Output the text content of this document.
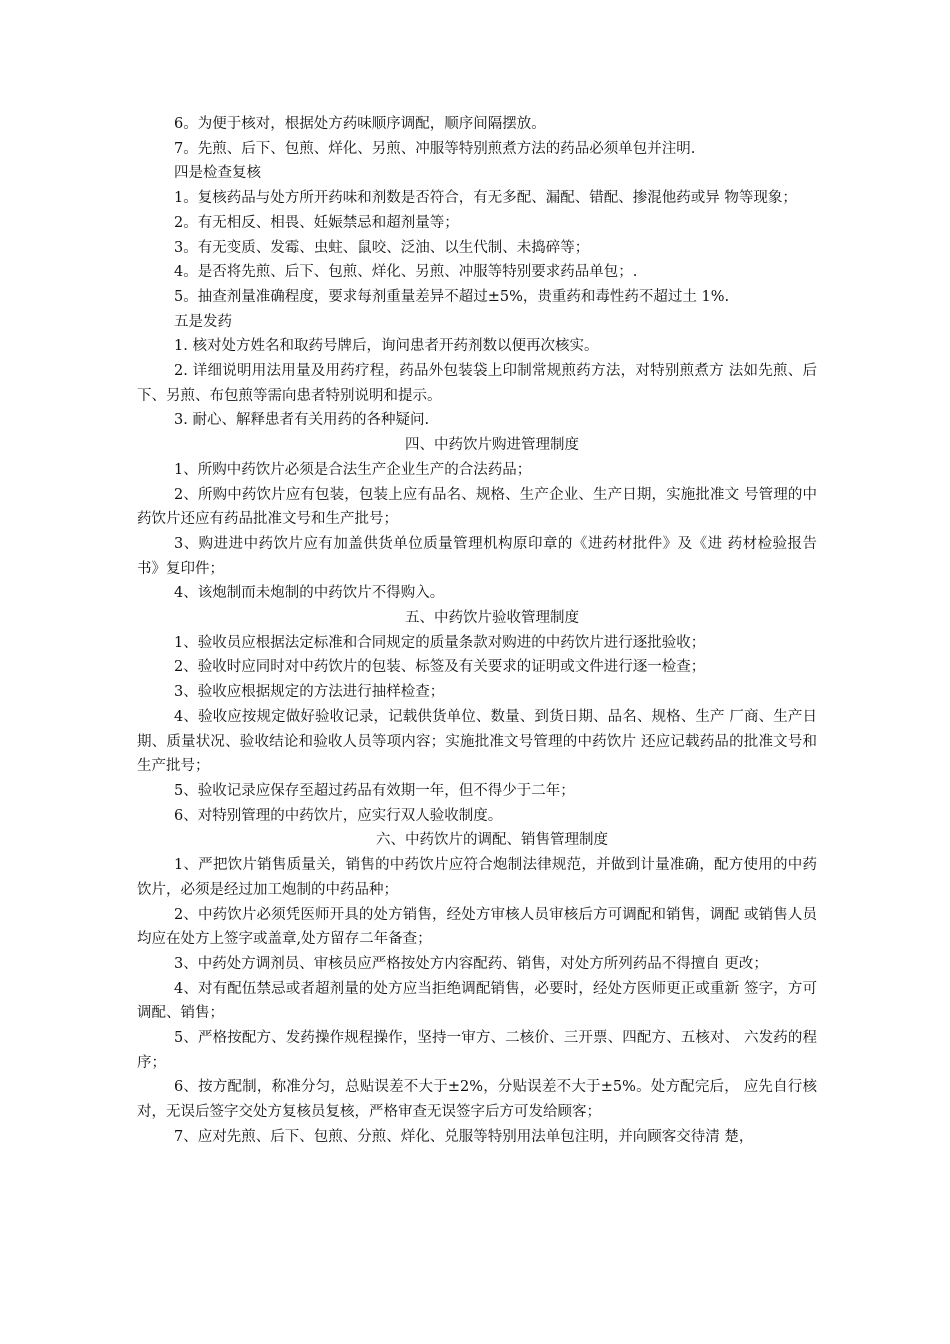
6。为便于核对，根据处方药味顺序调配，顺序间隔摆放。

7。先煎、后下、包煎、烊化、另煎、冲服等特别煎煮方法的药品必须单包并注明.

四是检查复核

1。复核药品与处方所开药味和剂数是否符合，有无多配、漏配、错配、掺混他药或异 物等现象；

2。有无相反、相畏、妊娠禁忌和超剂量等；

3。有无变质、发霉、虫蛀、鼠咬、泛油、以生代制、未捣碎等；

4。是否将先煎、后下、包煎、烊化、另煎、冲服等特别要求药品单包；.

5。抽查剂量准确程度，要求每剂重量差异不超过±5%，贵重药和毒性药不超过土 1%.

五是发药

1. 核对处方姓名和取药号牌后，询问患者开药剂数以便再次核实。

2. 详细说明用法用量及用药疗程，药品外包装袋上印制常规煎药方法，对特别煎煮方 法如先煎、后下、另煎、布包煎等需向患者特别说明和提示。

3. 耐心、解释患者有关用药的各种疑问.

四、中药饮片购进管理制度

1、所购中药饮片必须是合法生产企业生产的合法药品；

2、所购中药饮片应有包装，包装上应有品名、规格、生产企业、生产日期，实施批准文 号管理的中药饮片还应有药品批准文号和生产批号；

3、购进进中药饮片应有加盖供货单位质量管理机构原印章的《进药材批件》及《进 药材检验报告书》复印件；

4、该炮制而未炮制的中药饮片不得购入。

五、中药饮片验收管理制度

1、验收员应根据法定标准和合同规定的质量条款对购进的中药饮片进行逐批验收；

2、验收时应同时对中药饮片的包装、标签及有关要求的证明或文件进行逐一检查；

3、验收应根据规定的方法进行抽样检查；

4、验收应按规定做好验收记录，记载供货单位、数量、到货日期、品名、规格、生产 厂商、生产日期、质量状况、验收结论和验收人员等项内容；实施批准文号管理的中药饮片 还应记载药品的批准文号和生产批号；

5、验收记录应保存至超过药品有效期一年，但不得少于二年；

6、对特别管理的中药饮片，应实行双人验收制度。

六、中药饮片的调配、销售管理制度

1、严把饮片销售质量关，销售的中药饮片应符合炮制法律规范，并做到计量准确，配方使用的中药饮片，必须是经过加工炮制的中药品种；

2、中药饮片必须凭医师开具的处方销售，经处方审核人员审核后方可调配和销售，调配 或销售人员均应在处方上签字或盖章,处方留存二年备查；

3、中药处方调剂员、审核员应严格按处方内容配药、销售，对处方所列药品不得擅自 更改；

4、对有配伍禁忌或者超剂量的处方应当拒绝调配销售，必要时，经处方医师更正或重新 签字，方可调配、销售；

5、严格按配方、发药操作规程操作，坚持一审方、二核价、三开票、四配方、五核对、 六发药的程序；

6、按方配制，称准分匀，总贴误差不大于±2%，分贴误差不大于±5%。处方配完后， 应先自行核对，无误后签字交处方复核员复核，严格审查无误签字后方可发给顾客；

7、应对先煎、后下、包煎、分煎、烊化、兑服等特别用法单包注明，并向顾客交待清 楚，
